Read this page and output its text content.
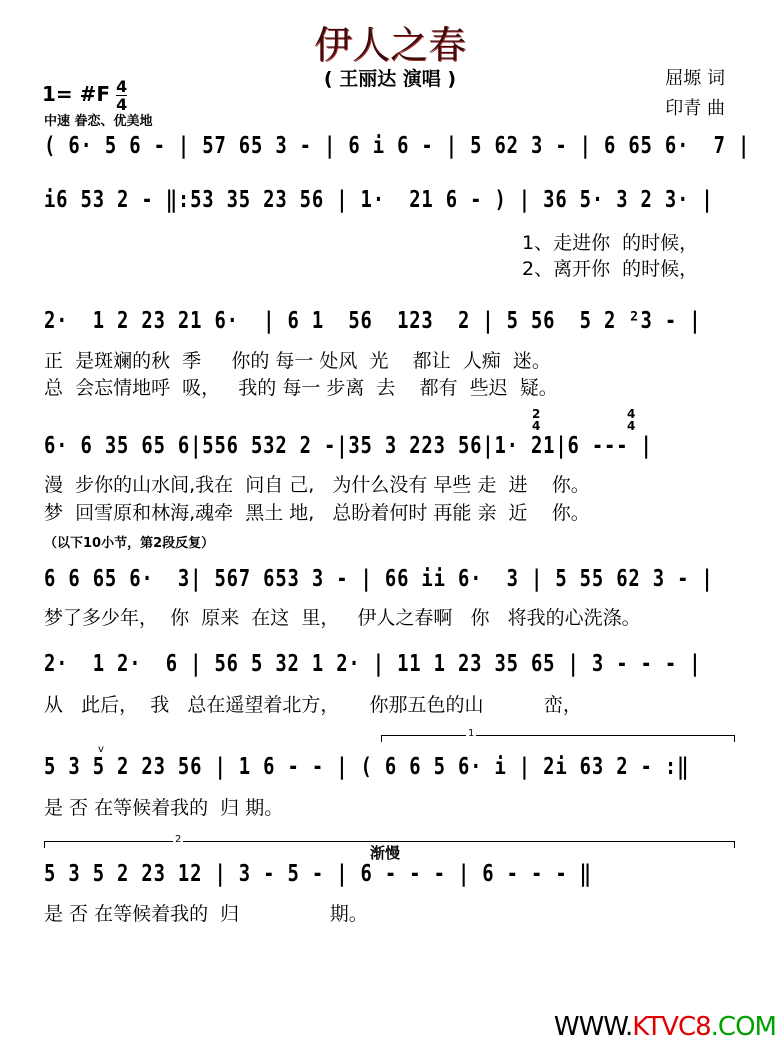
伊人之春
( 王丽达 演唱 )	屈塬 词
印青 曲
1= #F $\frac{4}{4}$
中速 眷恋、优美地
( 6· 5 6 - | 57 65 3 - | 6 i 6 - | 5 62 3 - | 6 65 6·  7 |
i6 53 2 - ‖:53 35 23 56 | 1·  21 6 - ) | 36 5· 3 2 3· |
1、走进你  的时候，
2、离开你  的时候，
2·  1 2 23 21 6·  | 6 1  56  123  2 | 5 56  5 2 ²3 - |
正  是斑斓的秋  季     你的 每一 处风  光    都让  人痴  迷。
总  会忘情地呼  吸，   我的 每一 步离  去    都有  些迟  疑。
2
4
4
4
6· 6 35 65 6|556 532 2 -|35 3 223 56|1· 21|6 --- |
漫  步你的山水间,我在  问自 己,   为什么没有 早些 走  进    你。
梦  回雪原和林海,魂牵  黑土 地,   总盼着何时 再能 亲  近    你。
（以下10小节，第2段反复）
6 6 65 6·  3| 567 653 3 - | 66 ii 6·  3 | 5 55 62 3 - |
梦了多少年，  你  原来  在这  里，   伊人之春啊   你   将我的心洗涤。
2·  1 2·  6 | 56 5 32 1 2· | 11 1 23 35 65 | 3 - - - |
从   此后，  我   总在遥望着北方，     你那五色的山          峦，
1
v
5 3 5 2 23 56 | 1 6 - - | ( 6 6 5 6· i | 2i 63 2 - :‖
是 否 在等候着我的  归 期。
2
渐慢
5 3 5 2 23 12 | 3 - 5 - | 6 - - - | 6 - - - ‖
是 否 在等候着我的  归               期。
WWW.KTVC8.COM
